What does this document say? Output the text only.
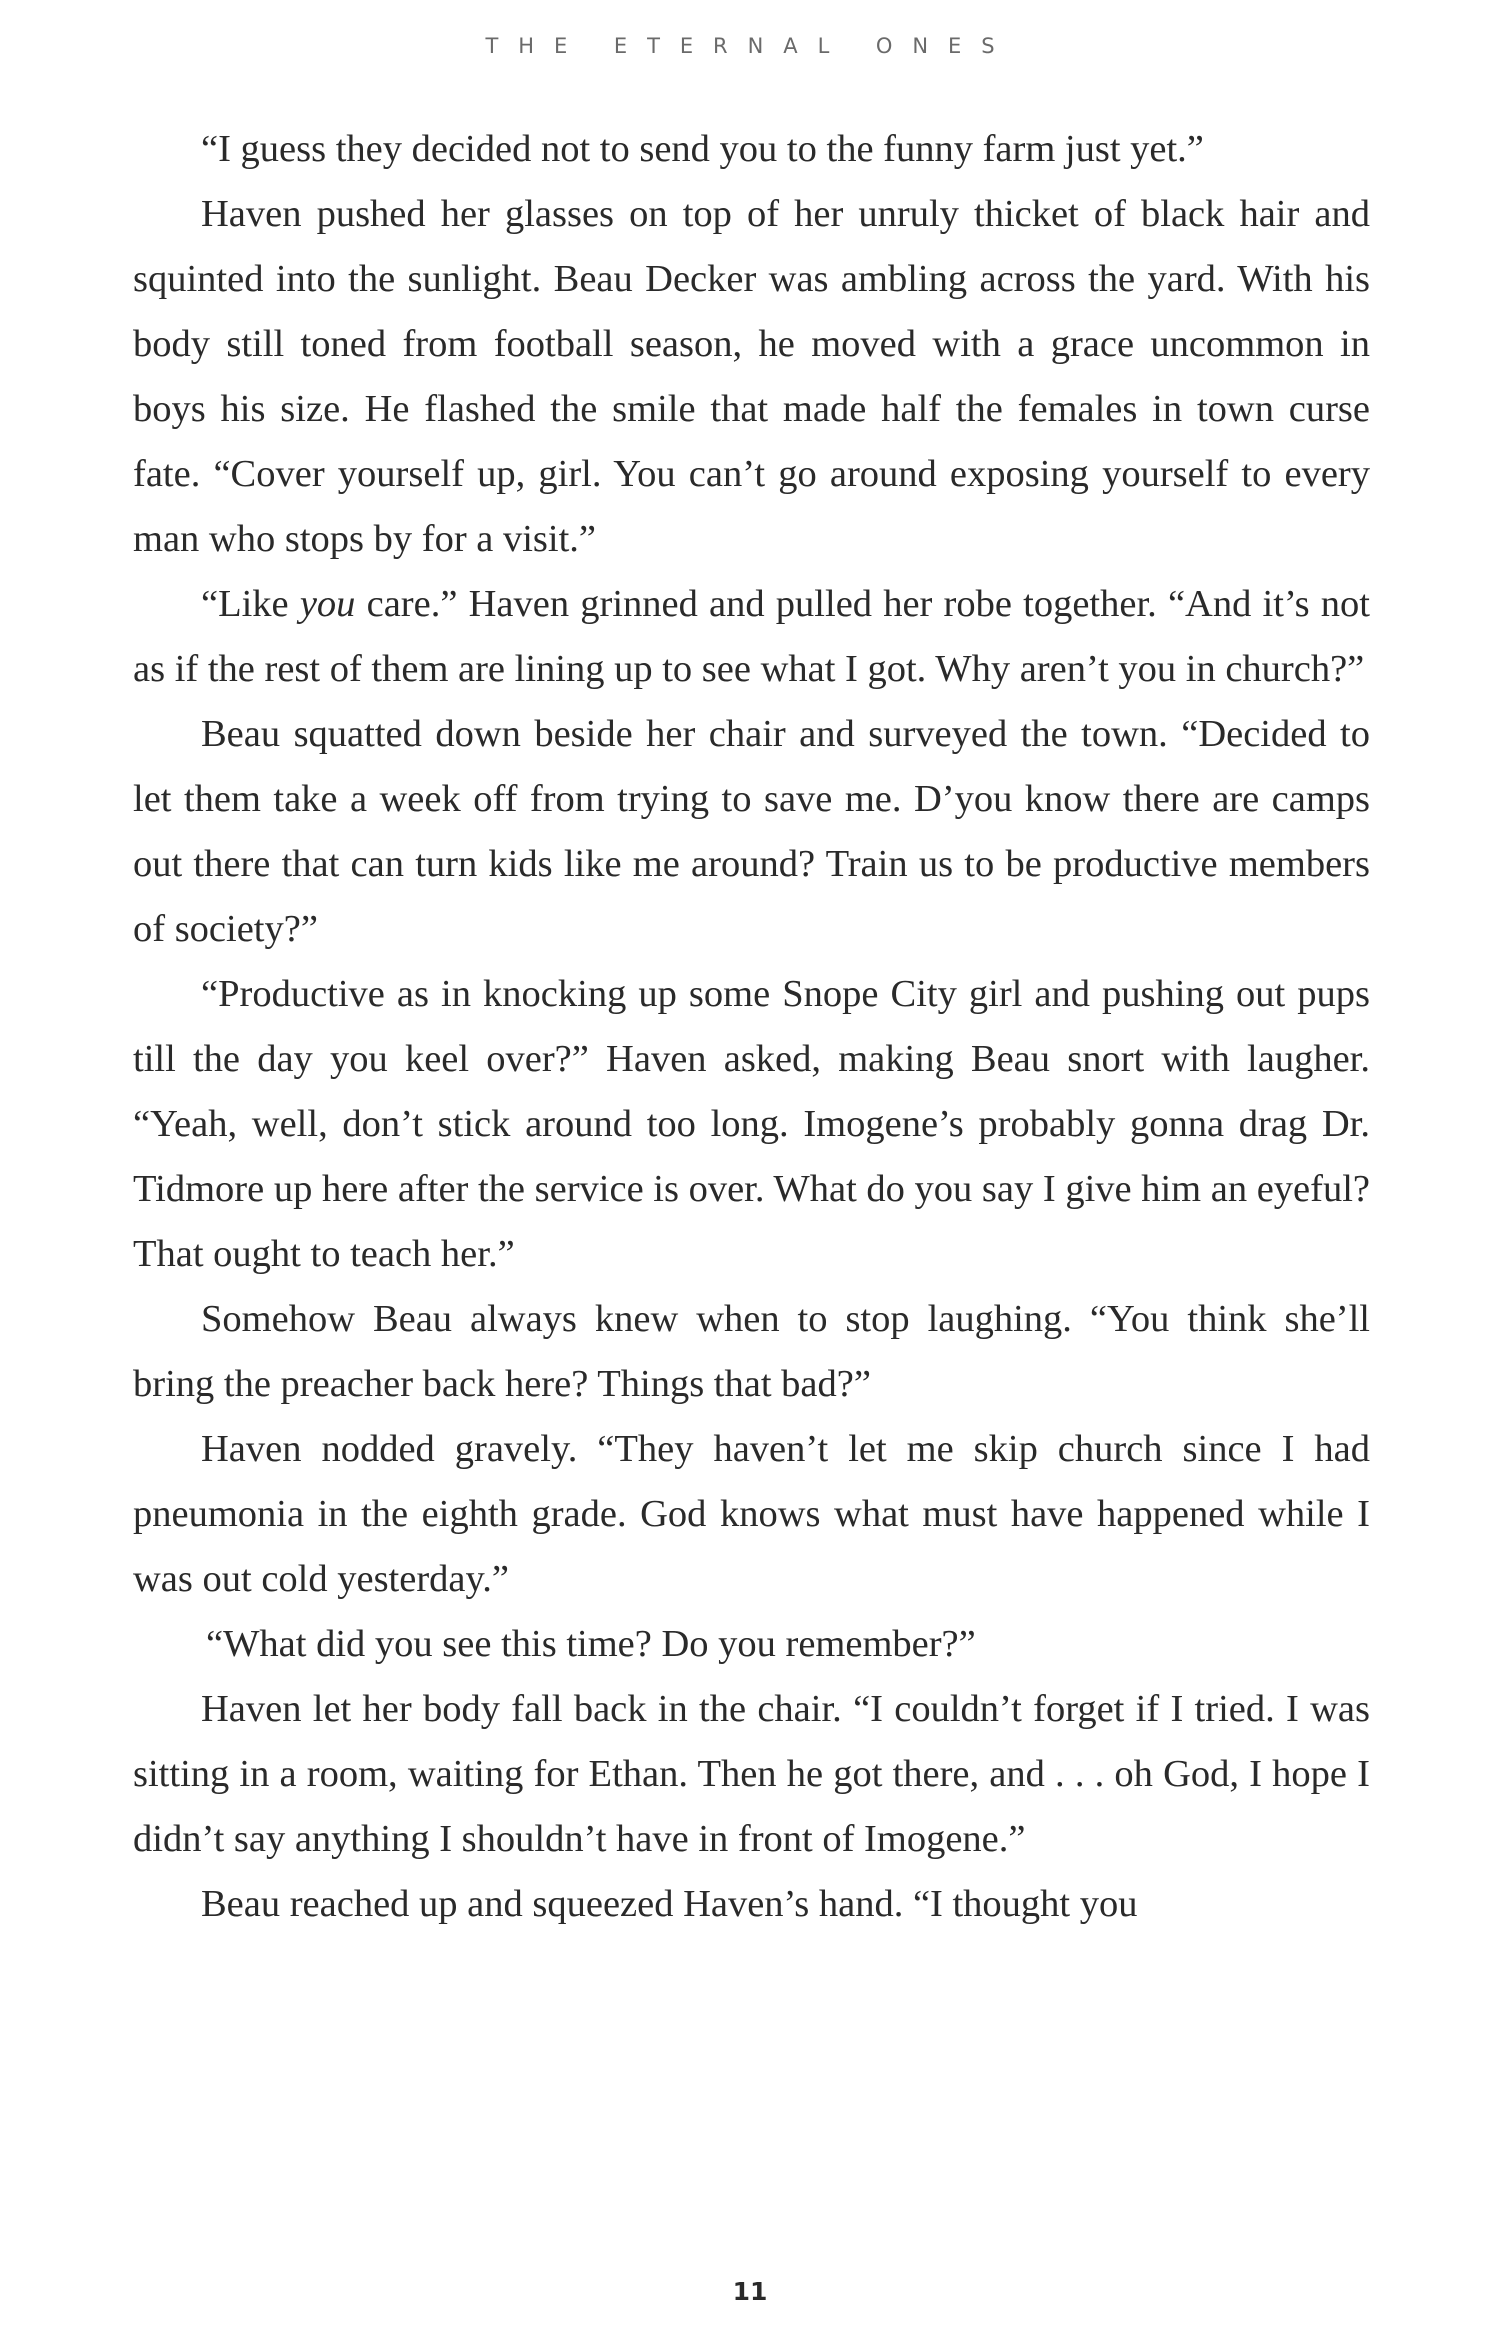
THE ETERNAL ONES

“I guess they decided not to send you to the funny farm just yet.”

Haven pushed her glasses on top of her unruly thicket of black hair and squinted into the sunlight. Beau Decker was ambling across the yard. With his body still toned from football season, he moved with a grace uncommon in boys his size. He flashed the smile that made half the females in town curse fate. “Cover yourself up, girl. You can’t go around exposing yourself to every man who stops by for a visit.”

“Like you care.” Haven grinned and pulled her robe together. “And it’s not as if the rest of them are lining up to see what I got. Why aren’t you in church?”

Beau squatted down beside her chair and surveyed the town. “Decided to let them take a week off from trying to save me. D’you know there are camps out there that can turn kids like me around? Train us to be productive members of society?”

“Productive as in knocking up some Snope City girl and pushing out pups till the day you keel over?” Haven asked, making Beau snort with laugher. “Yeah, well, don’t stick around too long. Imogene’s probably gonna drag Dr. Tidmore up here after the service is over. What do you say I give him an eyeful? That ought to teach her.”

Somehow Beau always knew when to stop laughing. “You think she’ll bring the preacher back here? Things that bad?”

Haven nodded gravely. “They haven’t let me skip church since I had pneumonia in the eighth grade. God knows what must have happened while I was out cold yesterday.”

“What did you see this time? Do you remember?”

Haven let her body fall back in the chair. “I couldn’t forget if I tried. I was sitting in a room, waiting for Ethan. Then he got there, and . . . oh God, I hope I didn’t say anything I shouldn’t have in front of Imogene.”

Beau reached up and squeezed Haven’s hand. “I thought you

11
